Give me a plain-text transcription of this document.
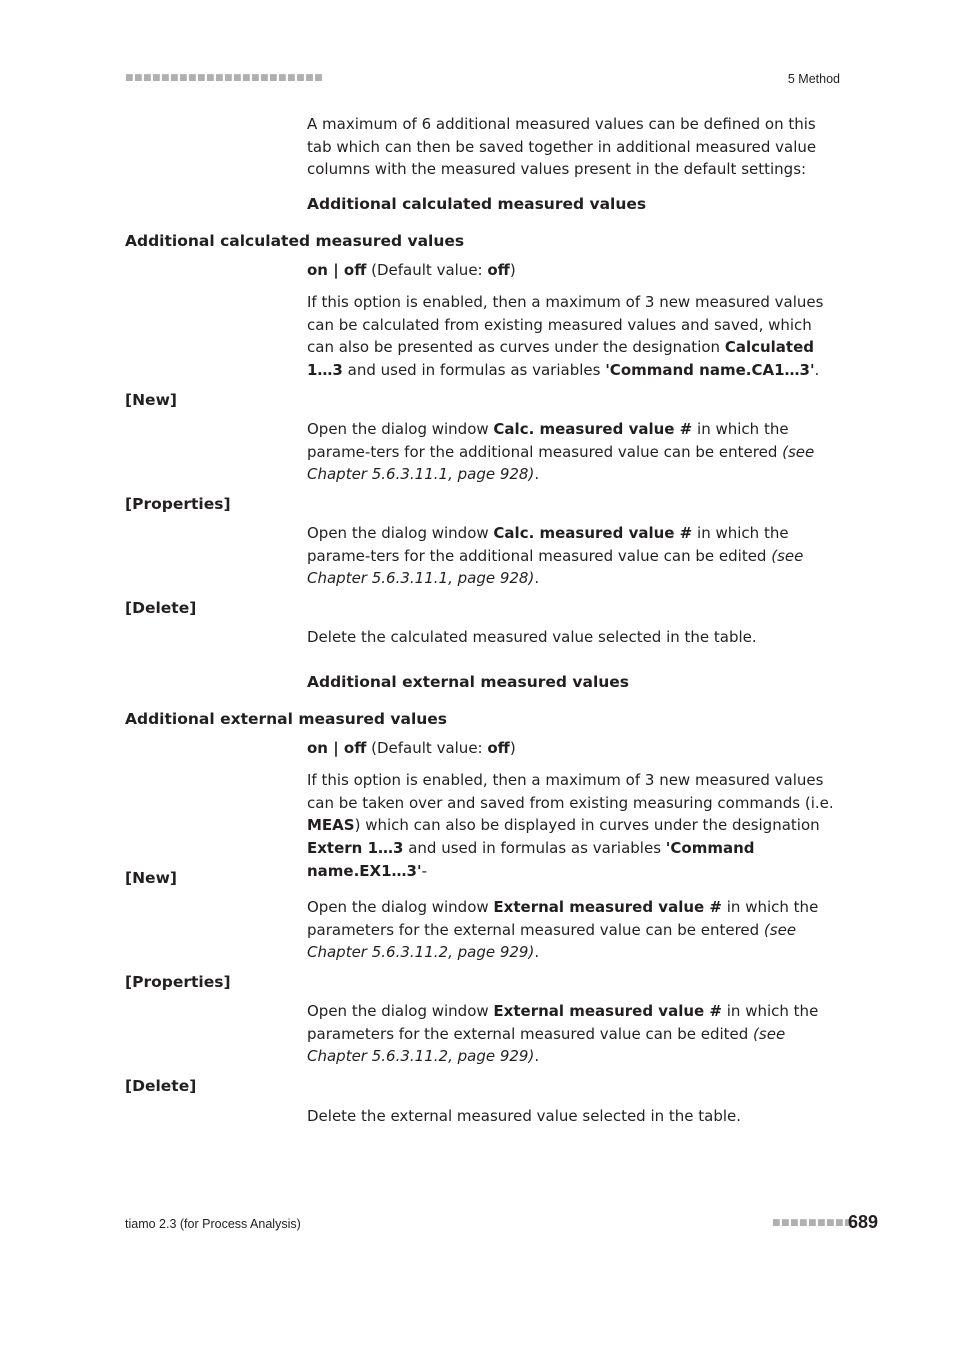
■■■■■■■■■■■■■■■■■■■■■■	5 Method
A maximum of 6 additional measured values can be defined on this tab which can then be saved together in additional measured value columns with the measured values present in the default settings:
Additional calculated measured values
Additional calculated measured values
on | off (Default value: off)
If this option is enabled, then a maximum of 3 new measured values can be calculated from existing measured values and saved, which can also be presented as curves under the designation Calculated 1…3 and used in formulas as variables 'Command name.CA1…3'.
[New]
Open the dialog window Calc. measured value # in which the parame-ters for the additional measured value can be entered (see Chapter 5.6.3.11.1, page 928).
[Properties]
Open the dialog window Calc. measured value # in which the parame-ters for the additional measured value can be edited (see Chapter 5.6.3.11.1, page 928).
[Delete]
Delete the calculated measured value selected in the table.
Additional external measured values
Additional external measured values
on | off (Default value: off)
If this option is enabled, then a maximum of 3 new measured values can be taken over and saved from existing measuring commands (i.e. MEAS) which can also be displayed in curves under the designation Extern 1…3 and used in formulas as variables 'Command name.EX1…3'-
[New]
Open the dialog window External measured value # in which the parameters for the external measured value can be entered (see Chapter 5.6.3.11.2, page 929).
[Properties]
Open the dialog window External measured value # in which the parameters for the external measured value can be edited (see Chapter 5.6.3.11.2, page 929).
[Delete]
Delete the external measured value selected in the table.
tiamo 2.3 (for Process Analysis)	■■■■■■■■■
689
